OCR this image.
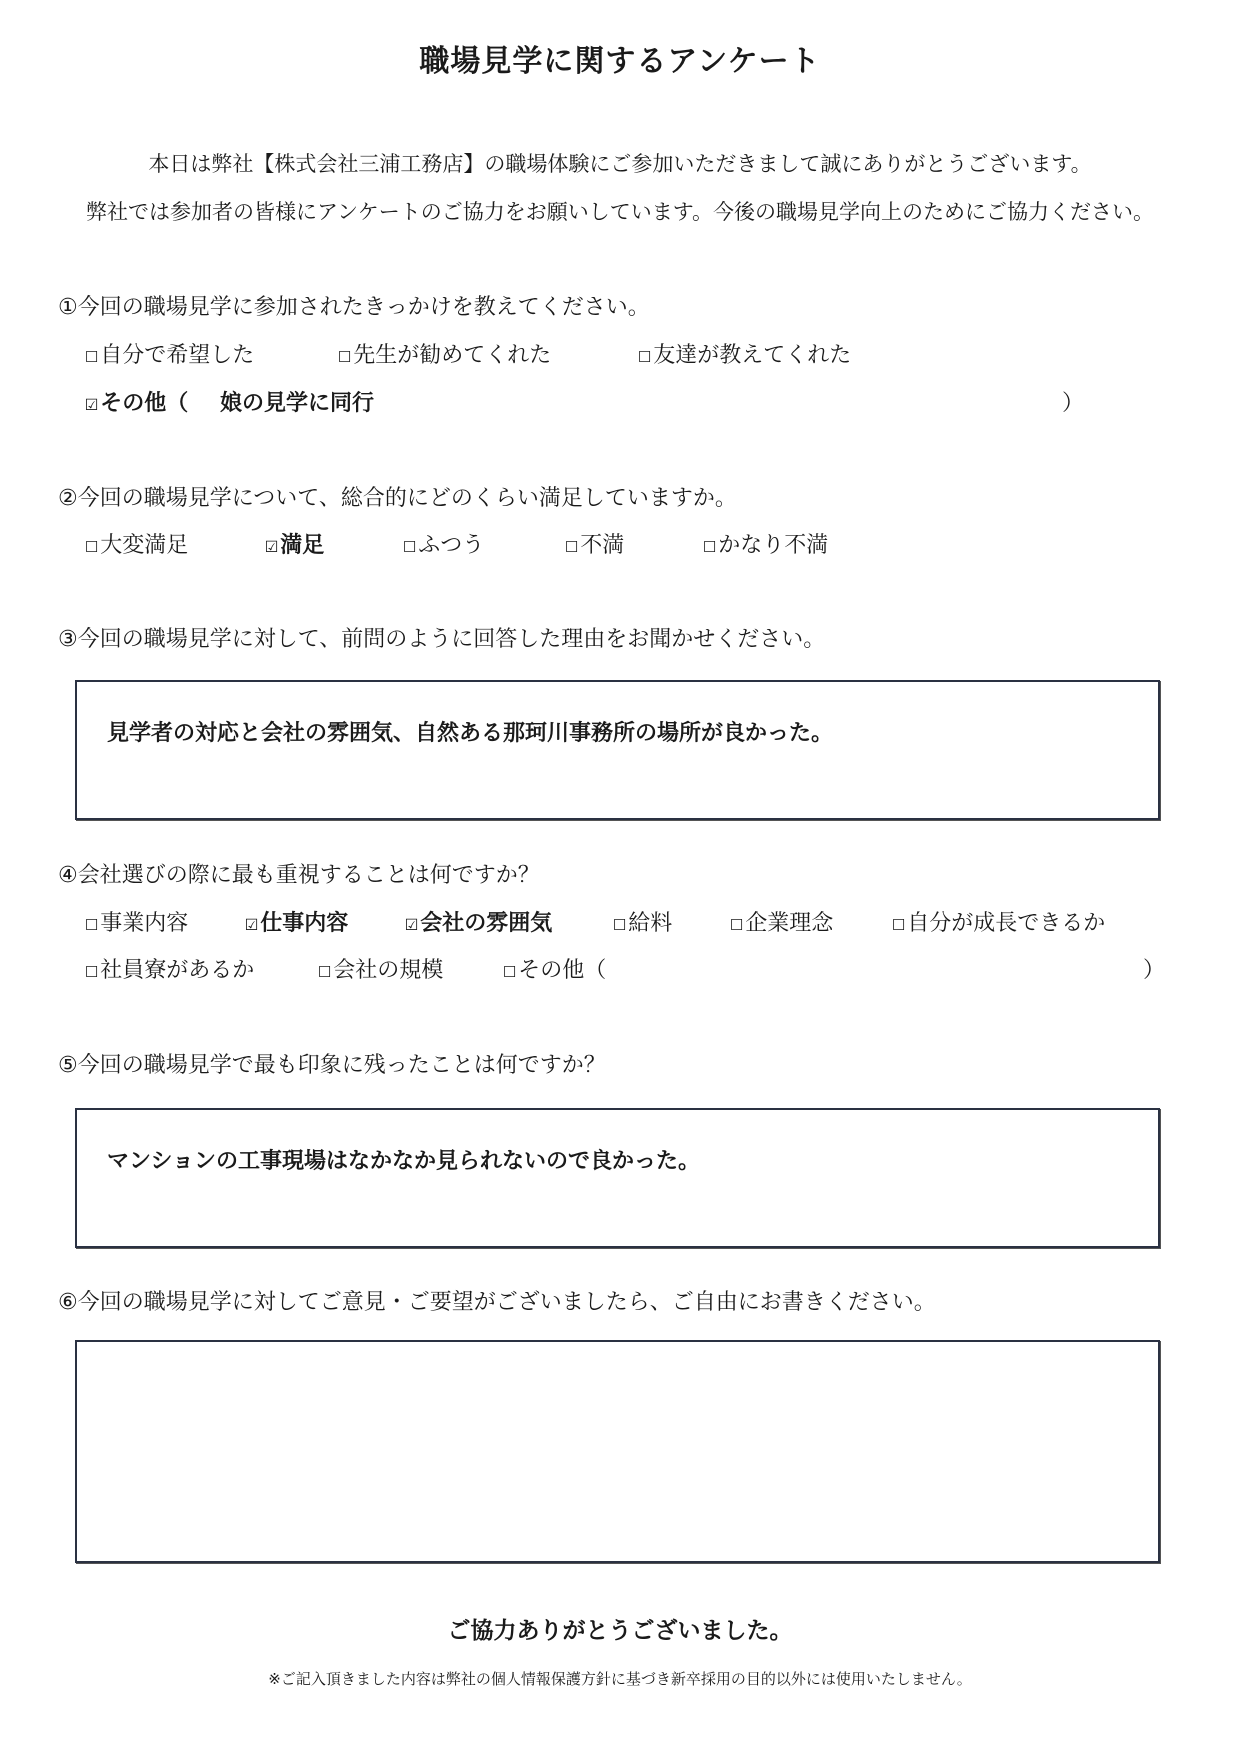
職場見学に関するアンケート
本日は弊社【株式会社三浦工務店】の職場体験にご参加いただきまして誠にありがとうございます。
弊社では参加者の皆様にアンケートのご協力をお願いしています。今後の職場見学向上のためにご協力ください。
①今回の職場見学に参加されたきっかけを教えてください。
☐自分で希望した	☐先生が勧めてくれた	☐友達が教えてくれた
☑その他（ 娘の見学に同行	）
②今回の職場見学について、総合的にどのくらい満足していますか。
☐大変満足	☑満足	☐ふつう	☐不満	☐かなり不満
③今回の職場見学に対して、前問のように回答した理由をお聞かせください。
見学者の対応と会社の雰囲気、自然ある那珂川事務所の場所が良かった。
④会社選びの際に最も重視することは何ですか？
☐事業内容	☑仕事内容	☑会社の雰囲気	☐給料	☐企業理念	☐自分が成長できるか
☐社員寮があるか	☐会社の規模	☐その他（	）
⑤今回の職場見学で最も印象に残ったことは何ですか？
マンションの工事現場はなかなか見られないので良かった。
⑥今回の職場見学に対してご意見・ご要望がございましたら、ご自由にお書きください。
ご協力ありがとうございました。
※ご記入頂きました内容は弊社の個人情報保護方針に基づき新卒採用の目的以外には使用いたしません。
